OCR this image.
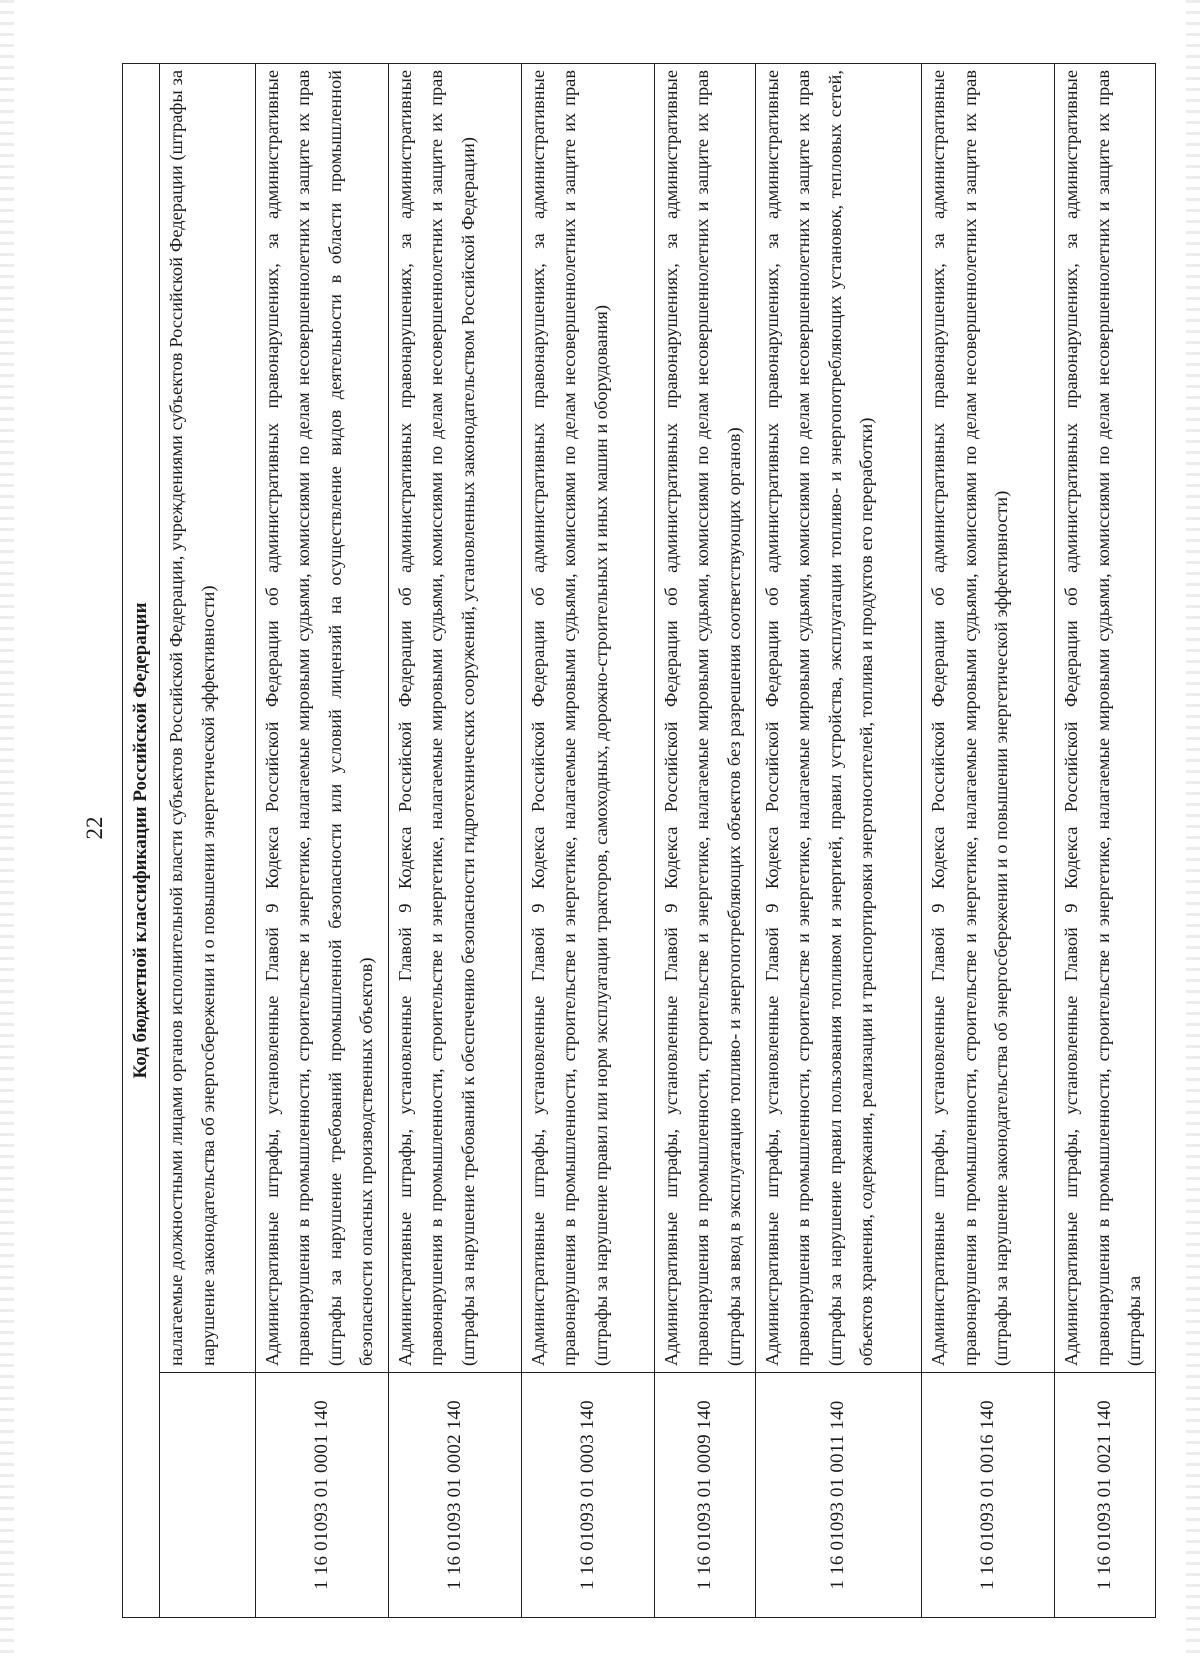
22 Код бюджетной классификации Российской Федерации	
	налагаемые должностными лицами органов исполнительной власти субъектов Российской Федерации, учреждениями субъектов Российской Федерации (штрафы за нарушение законодательства об энергосбережении и о повышении энергетической эффективности)
1 16 01093 01 0001 140	Административные штрафы, установленные Главой 9 Кодекса Российской Федерации об административных правонарушениях, за административные правонарушения в промышленности, строительстве и энергетике, налагаемые мировыми судьями, комиссиями по делам несовершеннолетних и защите их прав (штрафы за нарушение требований промышленной безопасности или условий лицензий на осуществление видов деятельности в области промышленной безопасности опасных производственных объектов)
1 16 01093 01 0002 140	Административные штрафы, установленные Главой 9 Кодекса Российской Федерации об административных правонарушениях, за административные правонарушения в промышленности, строительстве и энергетике, налагаемые мировыми судьями, комиссиями по делам несовершеннолетних и защите их прав (штрафы за нарушение требований к обеспечению безопасности гидротехнических сооружений, установленных законодательством Российской Федерации)
1 16 01093 01 0003 140	Административные штрафы, установленные Главой 9 Кодекса Российской Федерации об административных правонарушениях, за административные правонарушения в промышленности, строительстве и энергетике, налагаемые мировыми судьями, комиссиями по делам несовершеннолетних и защите их прав (штрафы за нарушение правил или норм эксплуатации тракторов, самоходных, дорожно-строительных и иных машин и оборудования)
1 16 01093 01 0009 140	Административные штрафы, установленные Главой 9 Кодекса Российской Федерации об административных правонарушениях, за административные правонарушения в промышленности, строительстве и энергетике, налагаемые мировыми судьями, комиссиями по делам несовершеннолетних и защите их прав (штрафы за ввод в эксплуатацию топливо- и энергопотребляющих объектов без разрешения соответствующих органов)
1 16 01093 01 0011 140	Административные штрафы, установленные Главой 9 Кодекса Российской Федерации об административных правонарушениях, за административные правонарушения в промышленности, строительстве и энергетике, налагаемые мировыми судьями, комиссиями по делам несовершеннолетних и защите их прав (штрафы за нарушение правил пользования топливом и энергией, правил устройства, эксплуатации топливо- и энергопотребляющих установок, тепловых сетей, объектов хранения, содержания, реализации и транспортировки энергоносителей, топлива и продуктов его переработки)
1 16 01093 01 0016 140	Административные штрафы, установленные Главой 9 Кодекса Российской Федерации об административных правонарушениях, за административные правонарушения в промышленности, строительстве и энергетике, налагаемые мировыми судьями, комиссиями по делам несовершеннолетних и защите их прав (штрафы за нарушение законодательства об энергосбережении и о повышении энергетической эффективности)
1 16 01093 01 0021 140	Административные штрафы, установленные Главой 9 Кодекса Российской Федерации об административных правонарушениях, за административные правонарушения в промышленности, строительстве и энергетике, налагаемые мировыми судьями, комиссиями по делам несовершеннолетних и защите их прав (штрафы за
